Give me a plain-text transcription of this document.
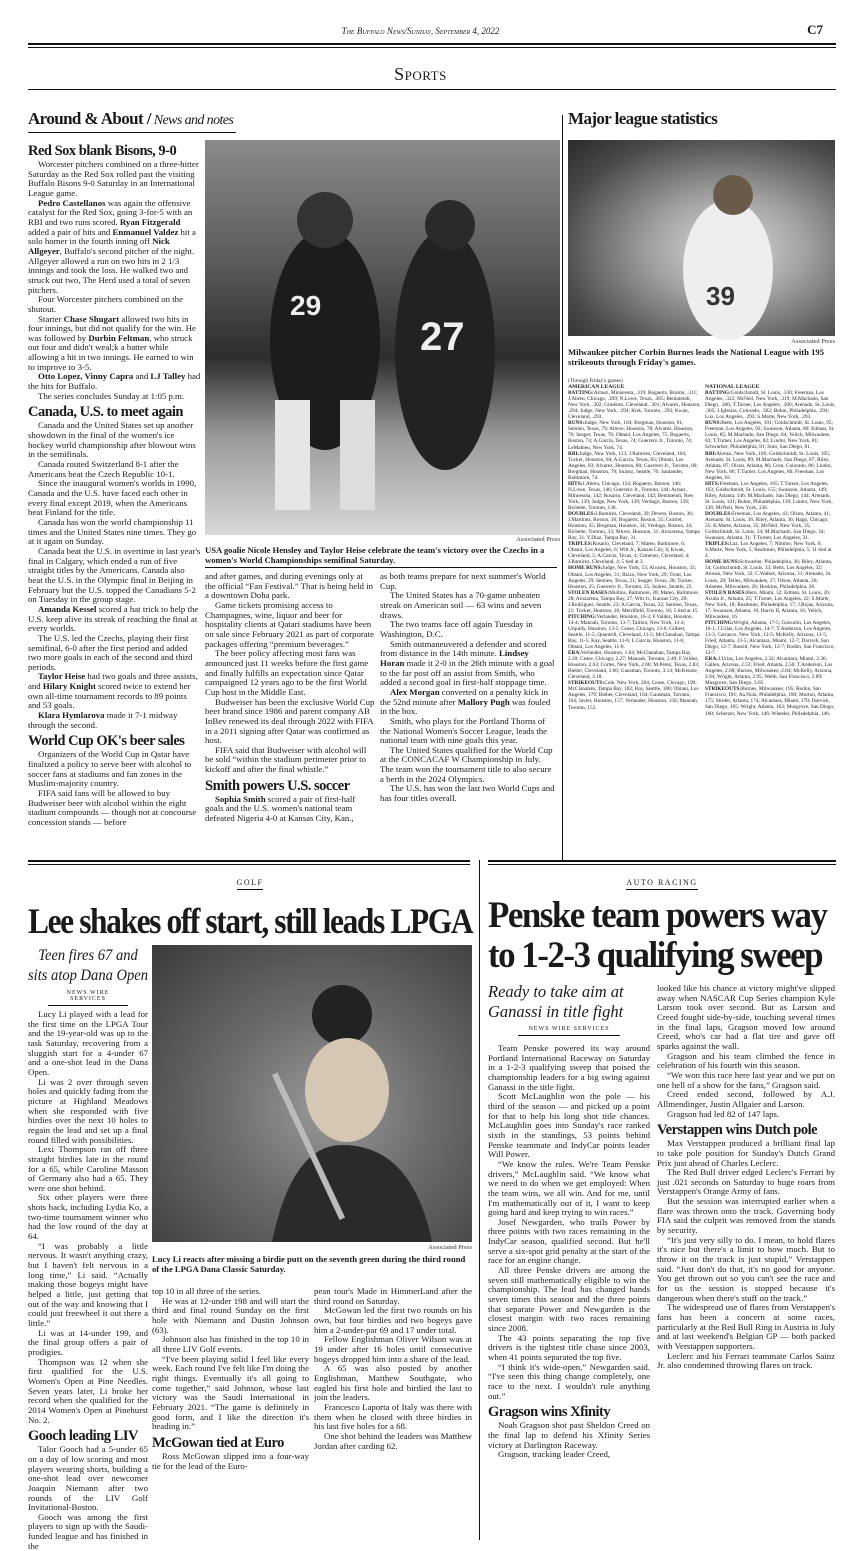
The Buffalo News/Sunday, September 4, 2022	C7
Sports
Around & About / News and notes
Red Sox blank Bisons, 9-0

Worcester pitchers combined on a three-hitter Saturday as the Red Sox rolled past the visiting Buffalo Bisons 9-0 Saturday in an International League game.

Pedro Castellanos was again the offensive catalyst for the Red Sox, going 3-for-5 with an RBI and two runs scored. Ryan Fitzgerald added a pair of hits and Enmanuel Valdez hit a solo homer in the fourth inning off Nick Allgeyer, Buffalo's second pitcher of the night. Allgeyer allowed a run on two hits in 2 1/3 innings and took the loss. He walked two and struck out two, The Herd used a total of seven pitchers.

Four Worcester pitchers combined on the shutout.

Starter Chase Shugart allowed two hits in four innings, but did not qualify for the win. He was followed by Durbin Feltman, who struck out four and didn't weal;k a batter while allowing a hit in two innings. He earned to win to improve to 3-5.

Otto Lopez, Vinny Capra and LJ Talley had the hits for Buffalo.

The series concludes Sunday at 1:05 p.m.

Canada, U.S. to meet again

Canada and the United States set up another showdown in the final of the women's ice hockey world championship after blowout wins in the semifinals.

Canada routed Switzerland 8-1 after the Americans beat the Czech Republic 10-1.

Since the inaugural women's worlds in 1990, Canada and the U.S. have faced each other in every final except 2019, when the Americans beat Finland for the title.

Canada has won the world championship 11 times and the United States nine times. They go at it again on Sunday.

Canada beat the U.S. in overtime in last year's final in Calgary, which ended a run of five straight titles by the Americans. Canada also beat the U.S. in the Olympic final in Beijing in February but the U.S. topped the Canadians 5-2 on Tuesday in the group stage.

Amanda Kessel scored a hat trick to help the U.S. keep alive its streak of reaching the final at every worlds.

The U.S. led the Czechs, playing their first semifinal, 6-0 after the first period and added two more goals in each of the second and third periods.

Taylor Heise had two goals and three assists, and Hilary Knight scored twice to extend her own all-time tournament records to 89 points and 53 goals.

Klara Hymlarova made it 7-1 midway through the second.

World Cup OK's beer sales

Organizers of the World Cup in Qatar have finalized a policy to serve beer with alcohol to soccer fans at stadiums and fan zones in the Muslim-majority country.

FIFA said fans will be allowed to buy Budweiser beer with alcohol within the eight stadium compounds — though not at concourse concession stands — before

27
29
Associated Press
USA goalie Nicole Hensley and Taylor Heise celebrate the team's victory over the Czechs in a women's World Championships semifinal Saturday.

and after games, and during evenings only at the official “Fan Festival.” That is being held in a downtown Doha park.

Game tickets promising access to Champagnes, wine, liquor and beer for hospitality clients at Qatari stadiums have been on sale since February 2021 as part of corporate packages offering “premium beverages.”

The beer policy affecting most fans was announced just 11 weeks before the first game and finally fulfills an expectation since Qatar campaigned 12 years ago to be the first World Cup host in the Middle East.

Budweiser has been the exclusive World Cup beer brand since 1986 and parent company AB InBev renewed its deal through 2022 with FIFA in a 2011 signing after Qatar was confirmed as host.

FIFA said that Budweiser with alcohol will be sold “within the stadium perimeter prior to kickoff and after the final whistle.”

Smith powers U.S. soccer

Sophia Smith scored a pair of first-half goals and the U.S. women's national team defeated Nigeria 4-0 at Kansas City, Kan.,

as both teams prepare for next summer's World Cup.

The United States has a 70-game unbeaten streak on American soil — 63 wins and seven draws.

The two teams face off again Tuesday in Washington, D.C.

Smith outmaneuvered a defender and scored from distance in the 14th minute. Lindsey Horan made it 2-0 in the 26th minute with a goal to the far post off an assist from Smith, who added a second goal in first-half stoppage time.

Alex Morgan converted on a penalty kick in the 52nd minute after Mallory Pugh was fouled in the box.

Smith, who plays for the Portland Thorns of the National Women's Soccer League, leads the national team with nine goals this year.

The United States qualified for the World Cup at the CONCACAF W Championship in July. The team won the tournament title to also secure a berth in the 2024 Olympics.

The U.S. has won the last two World Cups and has four titles overall.

Major league statistics
39
Associated Press
Milwaukee pitcher Corbin Burnes leads the National League with 195 strikeouts through Friday's games.
(Through Friday's games)
AMERICAN LEAGUE
BATTING:Arraez, Minnesota, .319; Bogaerts, Boston, .311; J.Abreu, Chicago, .309; N.Lowe, Texas, .305; Benintendi, New York, .302; Giménez, Cleveland, .301; Alvarez, Houston, .294; Judge, New York, .294; Kirk, Toronto, .293; Kwan, Cleveland, .293.
RUNS:Judge, New York, 104; Bregman, Houston, 81; Semien, Texas, 79; Altuve, Houston, 78; Alvarez, Houston, 76; Seager, Texas, 76; Ohtani, Los Angeles, 75; Bogaerts, Boston, 74; A.García, Texas, 74; Guerrero Jr., Toronto, 74; LeMahieu, New York, 74.
RBI:Judge, New York, 113; J.Ramírez, Cleveland, 104; Tucker, Houston, 94; A.García, Texas, 83; Ohtani, Los Angeles, 83; Alvarez, Houston, 80; Guerrero Jr., Toronto, 80; Bregman, Houston, 78; Suárez, Seattle, 76; Santander, Baltimore, 74.
HITS:J.Abreu, Chicago, 154; Bogaerts, Boston, 146; N.Lowe, Texas, 146; Guerrero Jr., Toronto, 144; Arraez, Minnesota, 142; Rosario, Cleveland, 142; Benintendi, New York, 139; Judge, New York, 139; Verdugo, Boston, 139; Bichette, Toronto, 138.
DOUBLES:J.Ramírez, Cleveland, 39; Devers, Boston, 36; J.Martinez, Boston, 36; Bogaerts, Boston, 35; Gurriel, Houston, 35; Bregman, Houston, 34; Verdugo, Boston, 34; Bichette, Toronto, 33; Altuve, Houston, 31; Arozarena, Tampa Bay, 31; Y.Díaz, Tampa Bay, 31.
TRIPLES:Rosario, Cleveland, 7; Mateo, Baltimore, 6; Ohtani, Los Angeles, 6; Witt Jr., Kansas City, 6; Kwan, Cleveland, 5; A.García, Texas, 4; Gimenez, Cleveland, 4; J.Ramírez, Cleveland, 4; 5 tied at 3.
HOME RUNS:Judge, New York, 53; Alvarez, Houston, 33; Ohtani, Los Angeles, 31; Rizzo, New York, 29; Trout, Los Angeles, 29; Semien, Texas, 21; Seager, Texas, 28; Tucker, Houston, 25; Guerrero Jr., Toronto, 25; Suárez, Seattle, 25.
STOLEN BASES:Mullins, Baltimore, 28; Mateo, Baltimore, 28; Arozarena, Tampa Bay, 27; Witt Jr., Kansas City, 26; J.Rodríguez, Seattle, 23; A.García, Texas, 22; Semien, Texas, 21; Tucker, Houston, 20; Merrifield, Toronto, 16; 5 tied at 15.
PITCHING:Verlander, Houston, 16-3; F.Valdez, Houston, 14-4; Manoah, Toronto, 13-7; Taillon, New York, 13-4; Urquidy, Houston, 13-5; Cease, Chicago, 13-6; Gilbert, Seattle, 11-5; Quantrill, Cleveland, 11-5; McClanahan, Tampa Bay, 11-5; Kay, Seattle, 11-6; L.García, Houston, 11-6; Ohtani, Los Angeles, 11-8.
ERA:Verlander, Houston, 1.84; McClanahan, Tampa Bay, 2.20; Cease, Chicago, 2.27; Manoah, Toronto, 2.40; F.Valdez, Houston, 2.63; Cortes, New York, 2.68; M.Pérez, Texas, 2.83; Bieber, Cleveland, 3.06; Gausman, Toronto, 3.14; McKenzie, Cleveland, 3.18.
STRIKEOUTS:Cole, New York, 204; Cease, Chicago, 190; McClanahan, Tampa Bay, 182; Ray, Seattle, 180; Ohtani, Los Angeles, 179; Bieber, Cleveland, 164; Gausman, Toronto, 164; Javier, Houston, 157; Verlander, Houston, 156; Manoah, Toronto, 153.
NATIONAL LEAGUE
BATTING:Goldschmidt, St. Louis, .330; Freeman, Los Angeles, .322; McNeil, New York, .319; M.Machado, San Diego, .306; T.Turner, Los Angeles, .306; Arenado, St. Louis, .305; J.Iglesias, Colorado, .302; Bohm, Philadelphia, .294; Lux, Los Angeles, .293; S.Marte, New York, .293.
RUNS:Betts, Los Angeles, 101; Goldschmidt, St. Louis, 95; Freeman, Los Angeles, 93; Swanson, Atlanta, 86; Edman, St. Louis, 85; M.Machado, San Diego, 84; Yelich, Milwaukee, 83; T.Turner, Los Angeles, 82; Lindor, New York, 81; Schwarber, Philadelphia, 81; Soto, San Diego, 81.
RBI:Alonso, New York, 106; Goldschmidt, St. Louis, 105; Arenado, St. Louis, 89; M.Machado, San Diego, 87; Riley, Atlanta, 87; Olson, Atlanta, 86; Cron, Colorado, 86; Lindor, New York, 86; T.Turner, Los Angeles, 86; Freeman, Los Angeles, 81.
HITS:Freeman, Los Angeles, 165; T.Turner, Los Angeles, 163; Goldschmidt, St. Louis, 155; Swanson, Atlanta, 149; Riley, Atlanta, 146; M.Machado, San Diego, 144; Arenado, St. Louis, 141; Bohm, Philadelphia, 139; Lindor, New York, 136; McNeil, New York, 136.
DOUBLES:Freeman, Los Angeles, 43; Olson, Atlanta, 41; Arenado, St. Louis, 36; Riley, Atlanta, 36; Happ, Chicago, 35; K.Marte, Arizona, 35; McNeil, New York, 35; Goldschmidt, St. Louis, 34; M.Machado, San Diego, 34; Swanson, Atlanta, 31; T.Turner, Los Angeles, 31.
TRIPLES:Luz, Los Angeles, 7; Nimmo, New York, 6; S.Marte, New York, 5; Realmuto, Philadelphia, 5; 11 tied at 4.
HOME RUNS:Schwarber, Philadelphia, 36; Riley, Atlanta, 34; Goldschmidt, St. Louis, 33; Betts, Los Angeles, 32; Alonso, New York, 32; C.Walker, Arizona, 31; Arenado, St. Louis, 28; Tellez, Milwaukee, 27; Olson, Atlanta, 26; Adames, Milwaukee, 26; Hoskins, Philadelphia, 26.
STOLEN BASES:Bern, Miami, 32; Edman, St. Louis, 26; Acuña Jr., Atlanta, 25; T.Turner, Los Angeles, 22; S.Marte, New York, 18; Realmuto, Philadelphia, 17; J.Rojas, Arizona, 17; Swanson, Atlanta, 16; Harris II, Atlanta, 16; Yelich, Milwaukee, 16.
PITCHING:Wright, Atlanta, 17-5; Gonsolin, Los Angeles, 16-1; J.Urías, Los Angeles, 14-7; T.Anderson, Los Angeles, 13-3; Carrasco, New York, 13-5; McKelly, Arizona, 13-5; Fried, Atlanta, 13-5; Alcantara, Miami, 12-7; Darvish, San Diego, 12-7; Bassitt, New York, 12-7; Rodón, San Francisco, 12-7.
ERA:J.Urías, Los Angeles, 2.32; Alcantara, Miami, 2.36; Gallen, Arizona, 2.53; Fried, Atlanta, 2.56; T.Anderson, Los Angeles, 2.68; Burnes, Milwaukee, 2.84; McKelly, Arizona, 2.94; Wright, Atlanta, 2.95; Webb, San Francisco, 2.89; Musgrove, San Diego, 3.05.
STRIKEOUTS:Burnes, Milwaukee, 195; Rodón, San Francisco, 191; Aa.Nola, Philadelphia, 180; Morton, Atlanta, 175; Strider, Atlanta, 174; Alcantara, Miami, 170; Darvish, San Diego, 165; Wright, Atlanta, 163; Musgrove, San Diego, 160; Scherzer, New York, 146; Wheeler, Philadelphia, 146.
GOLF
Lee shakes off start, still leads LPGA
Teen fires 67 and sits atop Dana Open
NEWS WIRE SERVICES
Associated Press
Lucy Li reacts after missing a birdie putt on the seventh green during the third round of the LPGA Dana Classic Saturday.

Lucy Li played with a lead for the first time on the LPGA Tour and the 19-year-old was up to the task Saturday, recovering from a sluggish start for a 4-under 67 and a one-shot lead in the Dana Open.

Li was 2 over through seven holes and quickly fading from the picture at Highland Meadows when she responded with five birdies over the next 10 holes to regain the lead and set up a final round filled with possibilities.

Lexi Thompson ran off three straight birdies late in the round for a 65, while Caroline Masson of Germany also had a 65. They were one shot behind.

Six other players were three shots back, including Lydia Ko, a two-time tournament winner who had the low round of the day at 64.

“I was probably a little nervous. It wasn't anything crazy, but I haven't felt nervous in a long time,” Li said. “Actually making those bogeys might have helped a little, just getting that out of the way and knowing that I could just freewheel it out there a little.”

Li was at 14-under 199, and the final group offers a pair of prodigies.

Thompson was 12 when she first qualified for the U.S. Women's Open at Pine Needles. Seven years later, Li broke her record when she qualified for the 2014 Women's Open at Pinehurst No. 2.

Gooch leading LIV

Talor Gooch had a 5-under 65 on a day of low scoring and most players wearing shorts, building a one-shot lead over newcomer Joaquin Niemann after two rounds of the LIV Golf Invitational-Boston.

Gooch was among the first players to sign up with the Saudi-funded league and has finished in the

top 10 in all three of the series.

He was at 12-under 198 and will start the third and final round Sunday on the first hole with Niemann and Dustin Johnson (63).

Johnson also has finished in the top 10 in all three LIV Golf events.

“I've been playing solid I feel like every week. Each round I've felt like I'm doing the right things. Eventually it's all going to come together,” said Johnson, whose last victory was the Saudi International in February 2021. “The game is definitely in good form, and I like the direction it's heading in.”

McGowan tied at Euro

Ross McGowan slipped into a four-way tie for the lead of the Euro-

pean tour's Made in HimmerLand after the third round on Saturday.

McGowan led the first two rounds on his own, but four birdies and two bogeys gave him a 2-under-par 69 and 17 under total.

Fellow Englishman Oliver Wilson was at 19 under after 16 holes until consecutive bogeys dropped him into a share of the lead.

A 65 was also posted by another Englishman, Matthew Southgate, who eagled his first hole and birdied the last to join the leaders.

Francesco Laporta of Italy was there with them when he closed with three birdies in his last five holes for a 68.

One shot behind the leaders was Matthew Jordan after carding 62.

AUTO RACING
Penske team powers way to 1-2-3 qualifying sweep
Ready to take aim at Ganassi in title fight
NEWS WIRE SERVICES

Team Penske powered its way around Portland International Raceway on Saturday in a 1-2-3 qualifying sweep that poised the championship leaders for a big swing against Ganassi in the title fight.

Scott McLaughlin won the pole — his third of the season — and picked up a point for that to help his long shot title chances. McLaughlin goes into Sunday's race ranked sixth in the standings, 53 points behind Penske teammate and IndyCar points leader Will Power.

“We know the rules. We're Team Penske drivers,” McLaughlin said. “We know what we need to do when we get employed: When the team wins, we all win. And for me, until I'm mathematically out of it, I want to keep going hard and keep trying to win races.”

Josef Newgarden, who trails Power by three points with two races remaining in the IndyCar season, qualified second. But he'll serve a six-spot grid penalty at the start of the race for an engine change.

All three Penske drivers are among the seven still mathematically eligible to win the championship. The lead has changed hands seven times this season and the three points that separate Power and Newgarden is the closest margin with two races remaining since 2008.

The 43 points separating the top five drivers is the tightest title chase since 2003, when 41 points separated the top five.

“I think it's wide-open,” Newgarden said. “I've seen this thing change completely, one race to the next. I wouldn't rule anything out.”

Gragson wins Xfinity

Noah Gragson shot past Sheldon Creed on the final lap to defend his Xfinity Series victory at Darlington Raceway.

Gragson, tracking leader Creed,

looked like his chance at victory might've slipped away when NASCAR Cup Series champion Kyle Larson took over second. But as Larson and Creed fought side-by-side, touching several times in the final laps, Gragson moved low around Creed, who's car had a flat tire and gave off sparks against the wall.

Gragson and his team climbed the fence in celebration of his fourth win this season.

“We won this race here last year and we put on one hell of a show for the fans,” Gragson said.

Creed ended second, followed by A.J. Allmendinger, Justin Allgaier and Larson.

Gragson had led 82 of 147 laps.

Verstappen wins Dutch pole

Max Verstappen produced a brilliant final lap to take pole position for Sunday's Dutch Grand Prix just ahead of Charles Leclerc.

The Red Bull driver edged Leclerc's Ferrari by just .021 seconds on Saturday to huge roars from Verstappen's Orange Army of fans.

But the session was interrupted earlier when a flare was thrown onto the track. Governing body FIA said the culprit was removed from the stands by security.

“It's just very silly to do. I mean, to hold flares it's nice but there's a limit to how much. But to throw it on the track is just stupid,” Verstappen said. “Just don't do that, it's no good for anyone. You get thrown out so you can't see the race and for us the session is stopped because it's dangerous when there's stuff on the track.”

The widespread use of flares from Verstappen's fans has been a concern at some races, particularly at the Red Bull Ring in Austria in July and at last weekend's Belgian GP — both packed with Verstappen supporters.

Leclerc and his Ferrari teammate Carlos Sainz Jr. also condemned throwing flares on track.
